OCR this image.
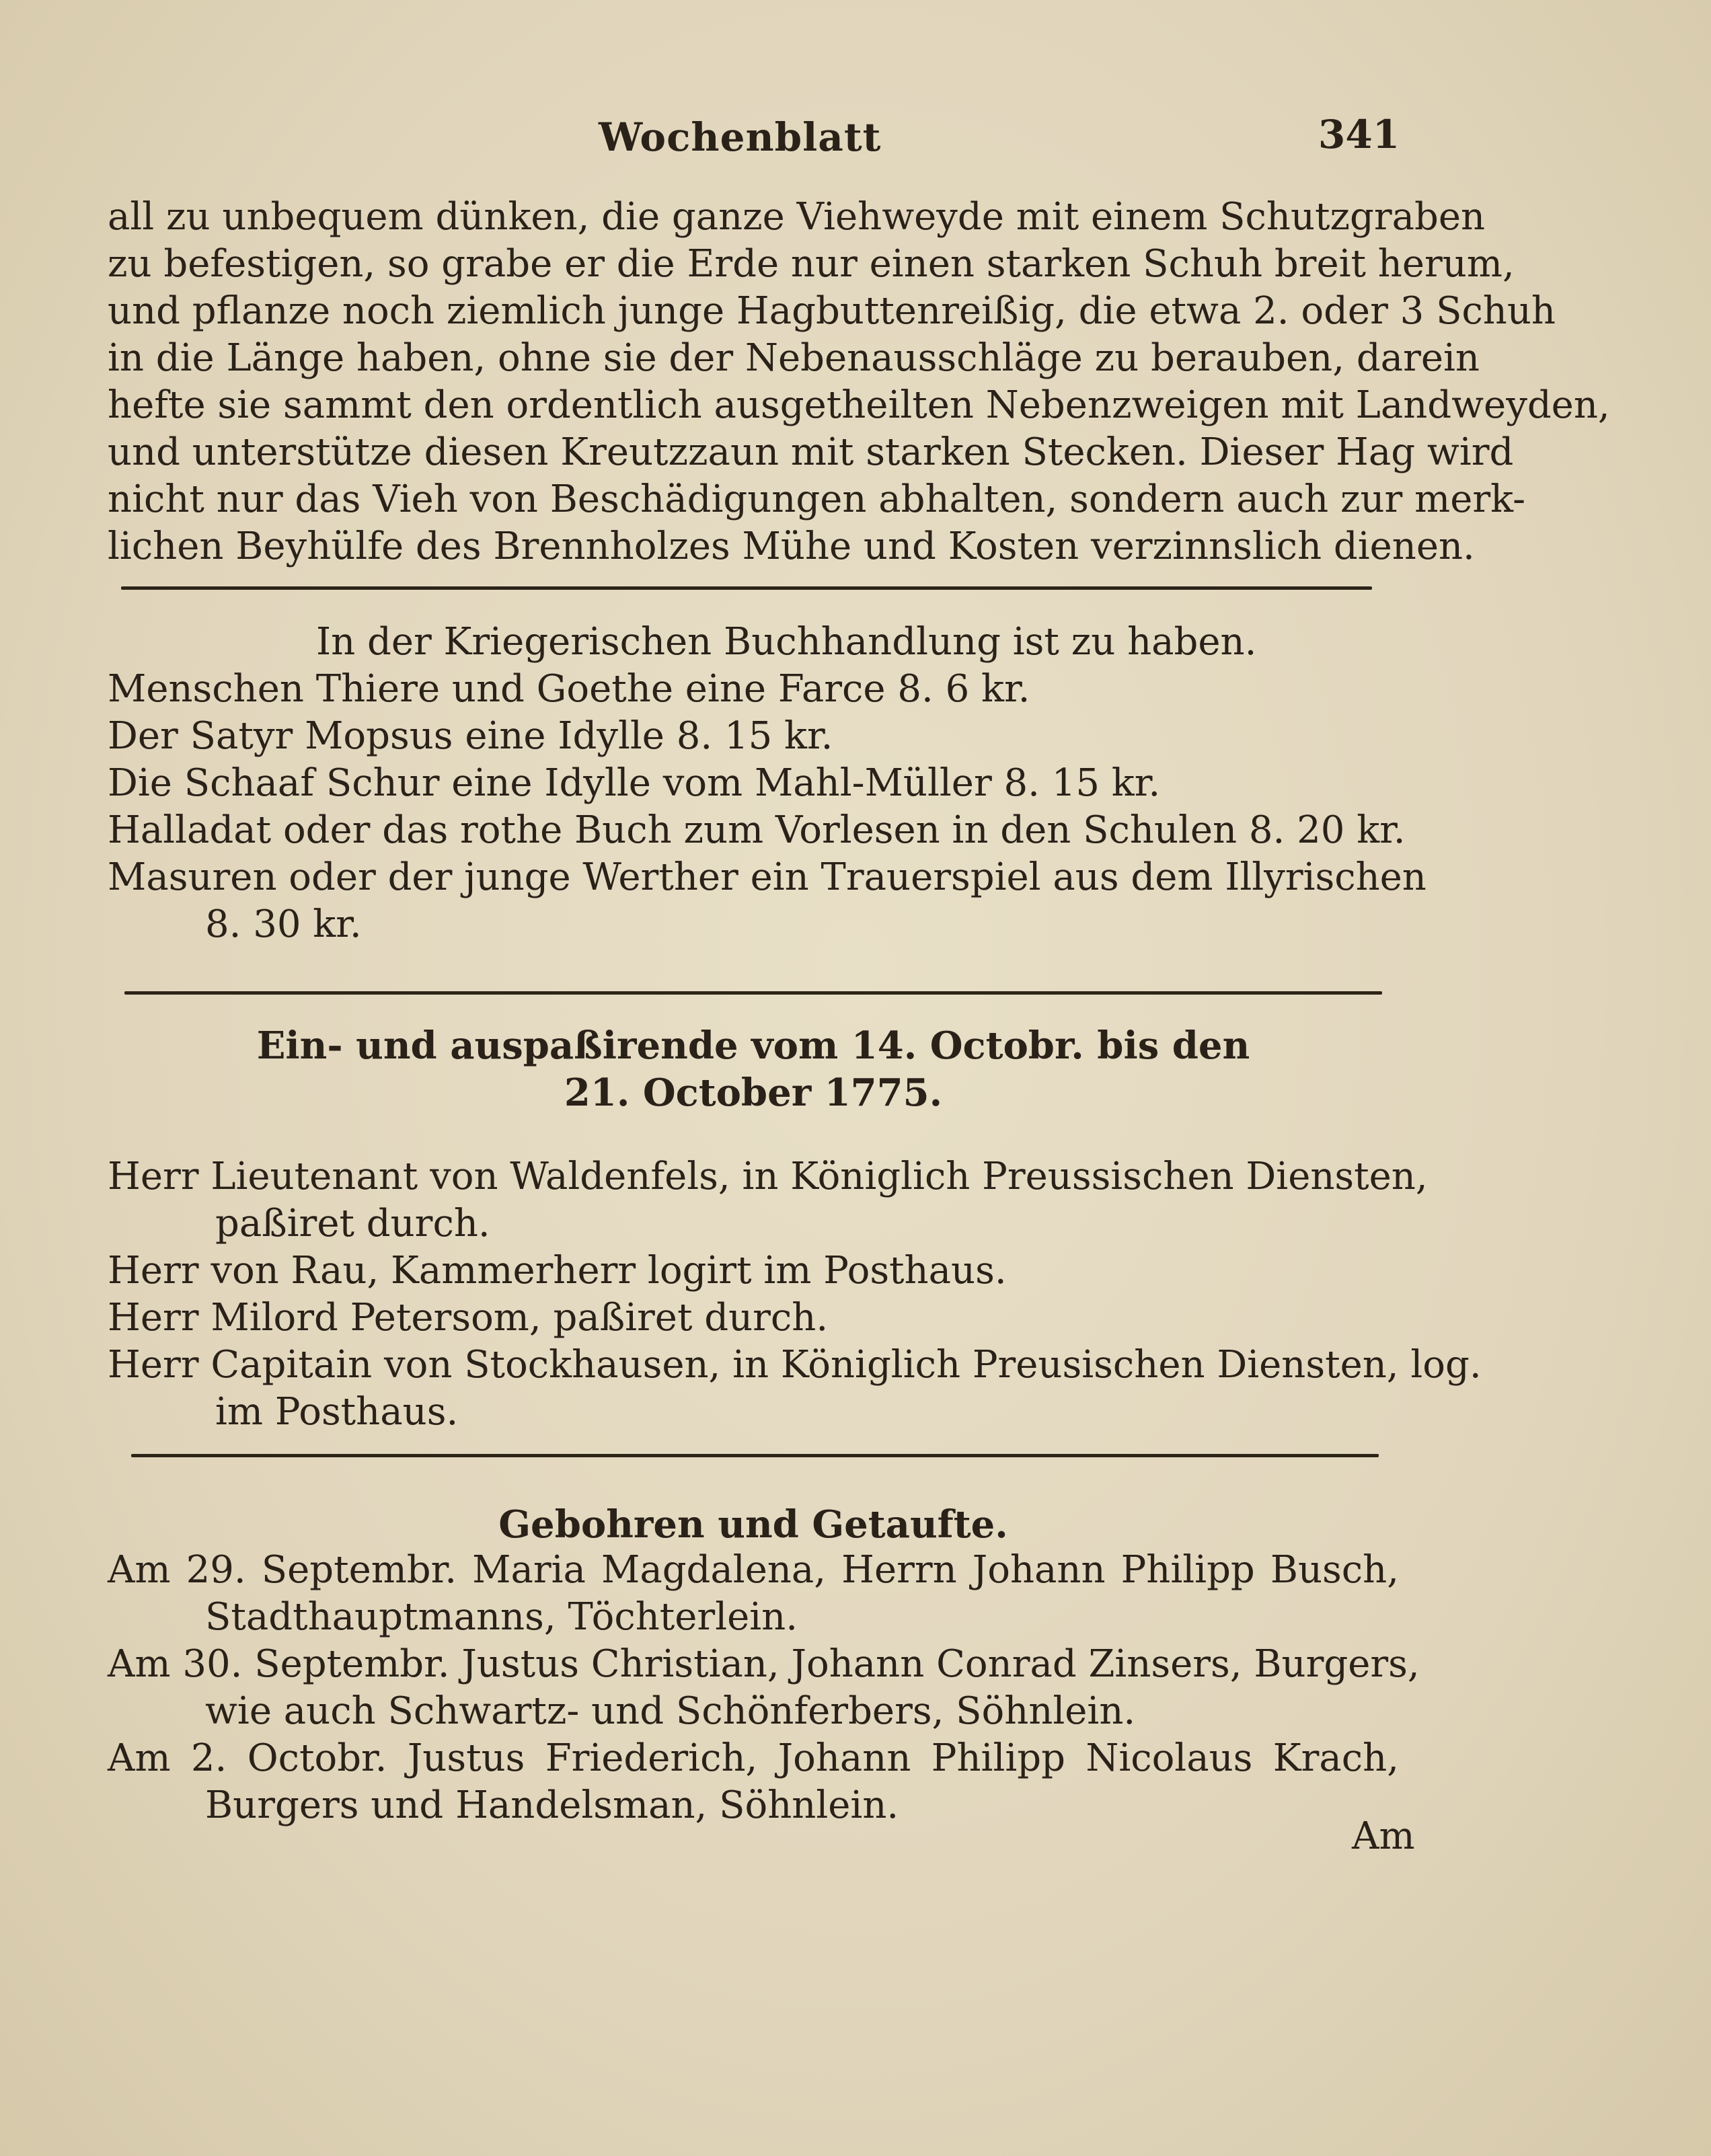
Wochenblatt	341
all zu unbequem dünken, die ganze Viehweyde mit einem Schutzgraben
zu befestigen, so grabe er die Erde nur einen starken Schuh breit herum,
und pflanze noch ziemlich junge Hagbuttenreißig, die etwa 2. oder 3 Schuh
in die Länge haben, ohne sie der Nebenausschläge zu berauben, darein
hefte sie sammt den ordentlich ausgetheilten Nebenzweigen mit Landweyden,
und unterstütze diesen Kreutzzaun mit starken Stecken. Dieser Hag wird
nicht nur das Vieh von Beschädigungen abhalten, sondern auch zur merk-
lichen Beyhülfe des Brennholzes Mühe und Kosten verzinnslich dienen.
In der Kriegerischen Buchhandlung ist zu haben.
Menschen Thiere und Goethe eine Farce 8. 6 kr.
Der Satyr Mopsus eine Idylle 8. 15 kr.
Die Schaaf Schur eine Idylle vom Mahl-Müller 8. 15 kr.
Halladat oder das rothe Buch zum Vorlesen in den Schulen 8. 20 kr.
Masuren oder der junge Werther ein Trauerspiel aus dem Illyrischen
8. 30 kr.
Ein- und auspaßirende vom 14. Octobr. bis den
21. October 1775.
Herr Lieutenant von Waldenfels, in Königlich Preussischen Diensten,
paßiret durch.
Herr von Rau, Kammerherr logirt im Posthaus.
Herr Milord Petersom, paßiret durch.
Herr Capitain von Stockhausen, in Königlich Preusischen Diensten, log.
im Posthaus.
Gebohren und Getaufte.
Am 29. Septembr. Maria Magdalena, Herrn Johann Philipp Busch,
Stadthauptmanns, Töchterlein.
Am 30. Septembr. Justus Christian, Johann Conrad Zinsers, Burgers,
wie auch Schwartz- und Schönferbers, Söhnlein.
Am 2. Octobr. Justus Friederich, Johann Philipp Nicolaus Krach,
Burgers und Handelsman, Söhnlein.
Am
